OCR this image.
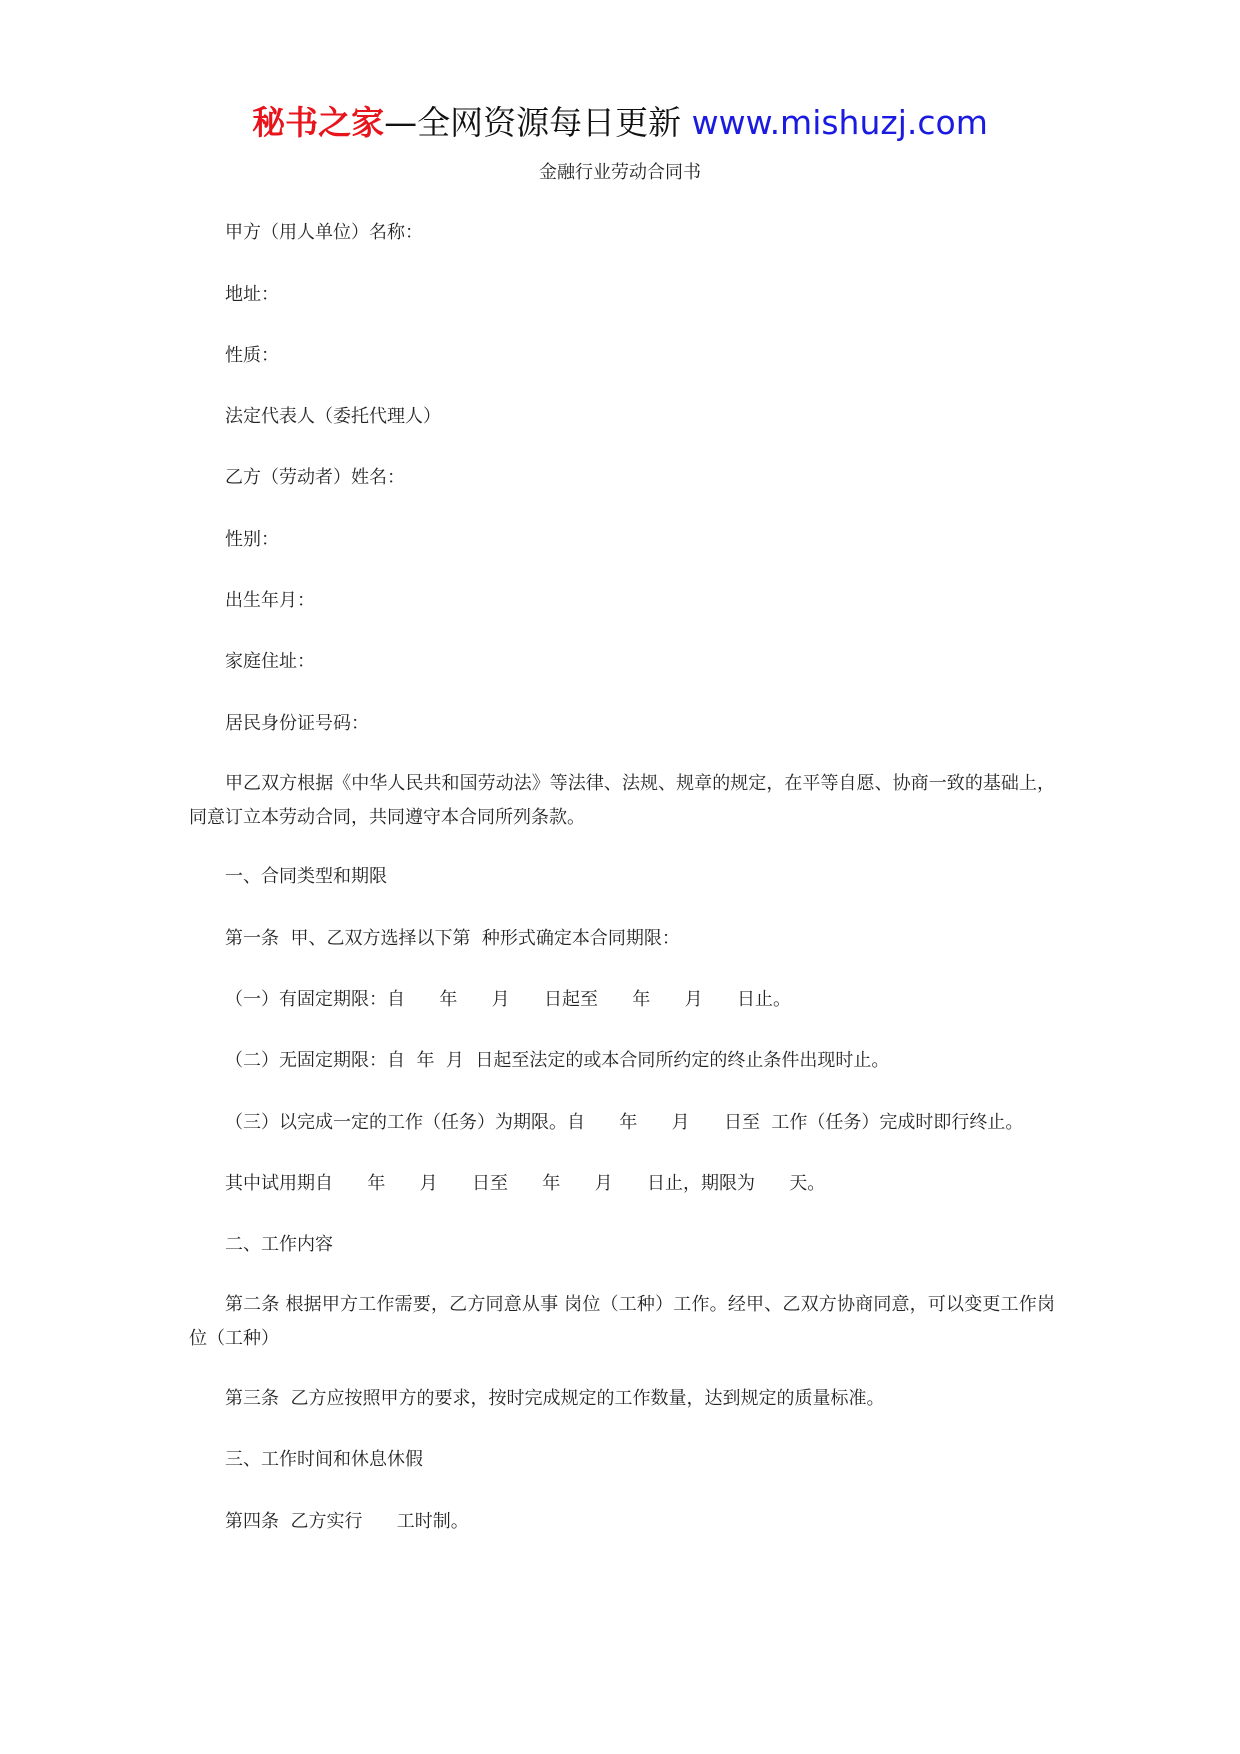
秘书之家—全网资源每日更新 www.mishuzj.com
金融行业劳动合同书
甲方（用人单位）名称：
地址：
性质：
法定代表人（委托代理人）
乙方（劳动者）姓名：
性别：
出生年月：
家庭住址：
居民身份证号码：
甲乙双方根据《中华人民共和国劳动法》等法律、法规、规章的规定，在平等自愿、协商一致的基础上，同意订立本劳动合同，共同遵守本合同所列条款。
一、合同类型和期限
第一条  甲、乙双方选择以下第  种形式确定本合同期限：
（一）有固定期限：自      年      月      日起至      年      月      日止。
（二）无固定期限：自  年  月  日起至法定的或本合同所约定的终止条件出现时止。
（三）以完成一定的工作（任务）为期限。自      年      月      日至  工作（任务）完成时即行终止。
其中试用期自      年      月      日至      年      月      日止，期限为      天。
二、工作内容
第二条 根据甲方工作需要，乙方同意从事 岗位（工种）工作。经甲、乙双方协商同意，可以变更工作岗位（工种）
第三条  乙方应按照甲方的要求，按时完成规定的工作数量，达到规定的质量标准。
三、工作时间和休息休假
第四条  乙方实行      工时制。
